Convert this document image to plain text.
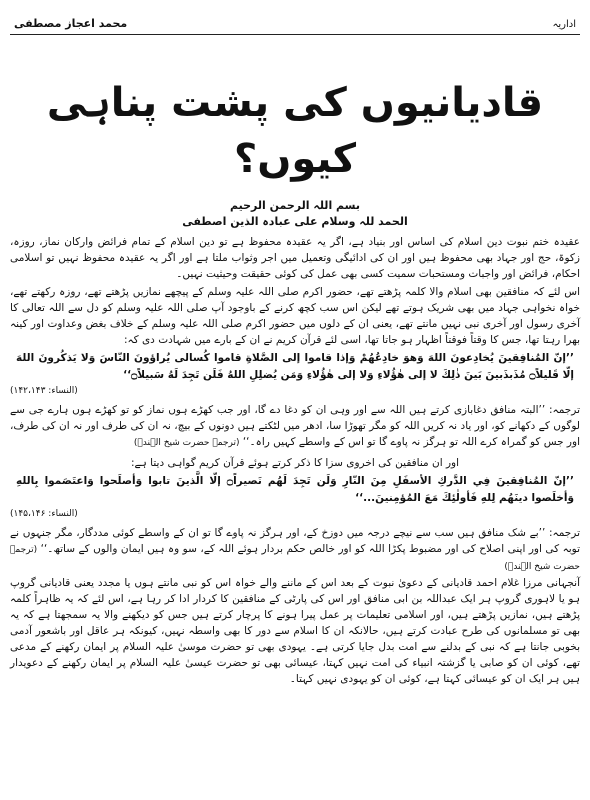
اداریہ
محمد اعجاز مصطفی
قادیانیوں کی پشت پناہی کیوں؟
بسم اللہ الرحمن الرحیم
الحمد للہ وسلام علی عبادہ الذین اصطفی

عقیدہ ختم نبوت دین اسلام کی اساس اور بنیاد ہے، اگر یہ عقیدہ محفوظ ہے تو دین اسلام کے تمام فرائض وارکان نماز، روزہ، زکوۃ، حج اور جہاد بھی محفوظ ہیں اور ان کی ادائیگی وتعمیل میں اجر وثواب ملتا ہے اور اگر یہ عقیدہ محفوظ نہیں تو اسلامی احکام، فرائض اور واجبات ومستحبات سمیت کسی بھی عمل کی کوئی حقیقت وحیثیت نہیں۔

اس لئے کہ منافقین بھی اسلام والا کلمہ پڑھتے تھے، حضور اکرم صلی اللہ علیہ وسلم کے پیچھے نمازیں پڑھتے تھے، روزہ رکھتے تھے، خواہ نخواہی جہاد میں بھی شریک ہوتے تھے لیکن اس سب کچھ کرنے کے باوجود آپ صلی اللہ علیہ وسلم کو دل سے اللہ تعالی کا آخری رسول اور آخری نبی نہیں مانتے تھے، یعنی ان کے دلوں میں حضور اکرم صلی اللہ علیہ وسلم کے خلاف بغض وعداوت اور کینہ بھرا رہتا تھا، جس کا وقتاً فوقتاً اظہار ہو جاتا تھا، اسی لئے قرآن کریم نے ان کے بارے میں شہادت دی کہ:

’’إنّ المُنافِقينَ يُخادِعونَ اللهَ وَهوَ خادِعُهُمْ وَإذا قاموا إلى الصَّلاةِ قاموا كُسالى يُراؤونَ النّاسَ وَلا يَذكُرونَ اللهَ إلّا قَليلاً۝ مُذَبذَبينَ بَينَ ذٰلِكَ لا إلى هٰؤُلاءِ وَلا إلى هٰؤُلاءِ وَمَن يُضلِلِ اللهُ فَلَن تَجِدَ لَهُ سَبيلاً۝‘‘
(النساء: ۱۴۲،۱۴۳)

ترجمہ: ’’البتہ منافق دغابازی کرتے ہیں اللہ سے اور وہی ان کو دغا دے گا، اور جب کھڑے ہوں نماز کو تو کھڑے ہوں ہارے جی سے لوگوں کے دکھانے کو، اور یاد نہ کریں اللہ کو مگر تھوڑا سا، ادھر میں لٹکتے ہیں دونوں کے بیچ، نہ ان کی طرف اور نہ ان کی طرف، اور جس کو گمراہ کرے اللہ تو ہرگز نہ پاوے گا تو اس کے واسطے کہیں راہ۔‘‘ (ترجمہ حضرت شیخ الہندؒ)

اور ان منافقین کی اخروی سزا کا ذکر کرتے ہوئے قرآن کریم گواہی دیتا ہے:

’’إنّ المُنافِقينَ فِي الدَّركِ الأسفَلِ مِنَ النّارِ وَلَن تَجِدَ لَهُم نَصيراً۝ إلّا الَّذينَ تابوا وَأصلَحوا وَاعتَصَموا بِاللهِ وَأخلَصوا دينَهُم لِلهِ فَأولٰئِكَ مَعَ المُؤمِنينَ...‘‘
(النساء: ۱۴۵،۱۴۶)

ترجمہ: ’’بے شک منافق ہیں سب سے نیچے درجہ میں دوزخ کے، اور ہرگز نہ پاوے گا تو ان کے واسطے کوئی مددگار، مگر جنہوں نے توبہ کی اور اپنی اصلاح کی اور مضبوط پکڑا اللہ کو اور خالص حکم بردار ہوئے اللہ کے، سو وہ ہیں ایمان والوں کے ساتھ۔‘‘ (ترجمہ حضرت شیخ الہندؒ)

آنجہانی مرزا غلام احمد قادیانی کے دعویٰ نبوت کے بعد اس کے ماننے والے خواہ اس کو نبی مانتے ہوں یا مجدد یعنی قادیانی گروپ ہو یا لاہوری گروپ ہر ایک عبداللہ بن ابی منافق اور اس کی پارٹی کے منافقین کا کردار ادا کر رہا ہے، اس لئے کہ یہ ظاہراً کلمہ پڑھتے ہیں، نمازیں پڑھتے ہیں، اور اسلامی تعلیمات پر عمل پیرا ہونے کا پرچار کرتے ہیں جس کو دیکھنے والا یہ سمجھتا ہے کہ یہ بھی تو مسلمانوں کی طرح عبادت کرتے ہیں، حالانکہ ان کا اسلام سے دور کا بھی واسطہ نہیں، کیونکہ ہر عاقل اور باشعور آدمی بخوبی جانتا ہے کہ نبی کے بدلنے سے امت بدل جایا کرتی ہے۔ یہودی بھی تو حضرت موسیٰ علیہ السلام پر ایمان رکھنے کے مدعی تھے، کوئی ان کو صابی یا گزشتہ انبیاء کی امت نہیں کہتا، عیسائی بھی تو حضرت عیسیٰ علیہ السلام پر ایمان رکھنے کے دعویدار ہیں ہر ایک ان کو عیسائی کہتا ہے، کوئی ان کو یہودی نہیں کہتا۔
